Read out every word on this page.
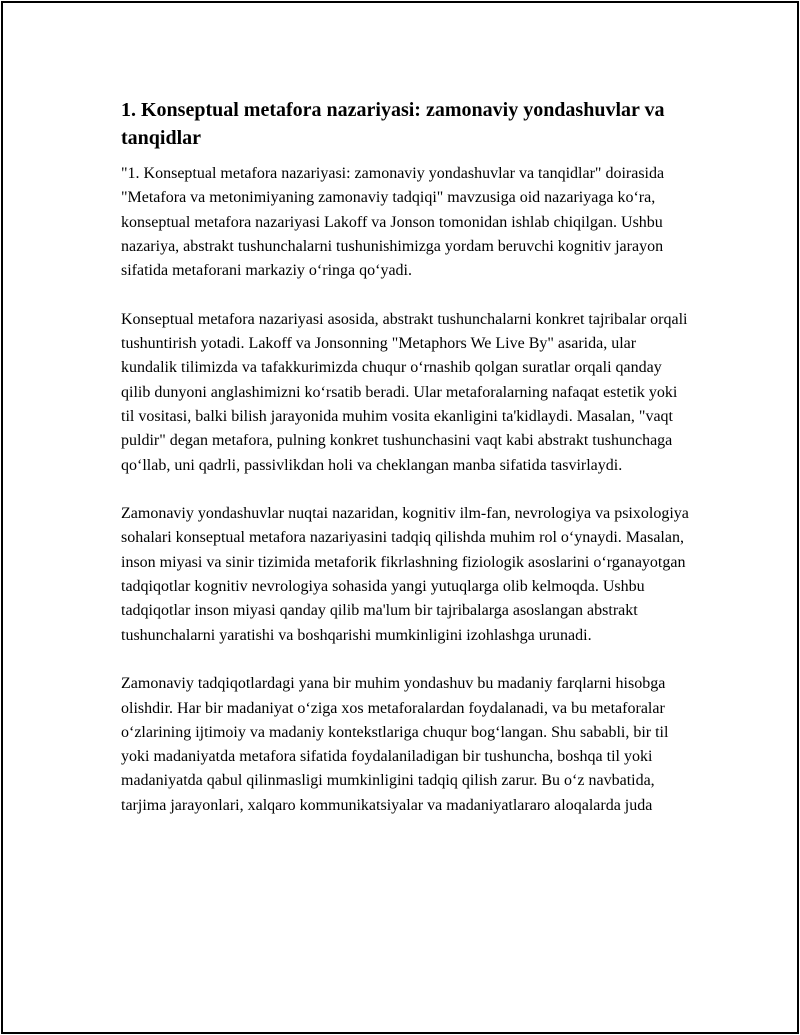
1. Konseptual metafora nazariyasi: zamonaviy yondashuvlar va tanqidlar

"1. Konseptual metafora nazariyasi: zamonaviy yondashuvlar va tanqidlar" doirasida "Metafora va metonimiyaning zamonaviy tadqiqi" mavzusiga oid nazariyaga ko‘ra, konseptual metafora nazariyasi Lakoff va Jonson tomonidan ishlab chiqilgan. Ushbu nazariya, abstrakt tushunchalarni tushunishimizga yordam beruvchi kognitiv jarayon sifatida metaforani markaziy o‘ringa qo‘yadi.

Konseptual metafora nazariyasi asosida, abstrakt tushunchalarni konkret tajribalar orqali tushuntirish yotadi. Lakoff va Jonsonning "Metaphors We Live By" asarida, ular kundalik tilimizda va tafakkurimizda chuqur o‘rnashib qolgan suratlar orqali qanday qilib dunyoni anglashimizni ko‘rsatib beradi. Ular metaforalarning nafaqat estetik yoki til vositasi, balki bilish jarayonida muhim vosita ekanligini ta'kidlaydi. Masalan, "vaqt puldir" degan metafora, pulning konkret tushunchasini vaqt kabi abstrakt tushunchaga qo‘llab, uni qadrli, passivlikdan holi va cheklangan manba sifatida tasvirlaydi.

Zamonaviy yondashuvlar nuqtai nazaridan, kognitiv ilm-fan, nevrologiya va psixologiya sohalari konseptual metafora nazariyasini tadqiq qilishda muhim rol o‘ynaydi. Masalan, inson miyasi va sinir tizimida metaforik fikrlashning fiziologik asoslarini o‘rganayotgan tadqiqotlar kognitiv nevrologiya sohasida yangi yutuqlarga olib kelmoqda. Ushbu tadqiqotlar inson miyasi qanday qilib ma'lum bir tajribalarga asoslangan abstrakt tushunchalarni yaratishi va boshqarishi mumkinligini izohlashga urunadi.

Zamonaviy tadqiqotlardagi yana bir muhim yondashuv bu madaniy farqlarni hisobga olishdir. Har bir madaniyat o‘ziga xos metaforalardan foydalanadi, va bu metaforalar o‘zlarining ijtimoiy va madaniy kontekstlariga chuqur bog‘langan. Shu sababli, bir til yoki madaniyatda metafora sifatida foydalaniladigan bir tushuncha, boshqa til yoki madaniyatda qabul qilinmasligi mumkinligini tadqiq qilish zarur. Bu o‘z navbatida, tarjima jarayonlari, xalqaro kommunikatsiyalar va madaniyatlararo aloqalarda juda
